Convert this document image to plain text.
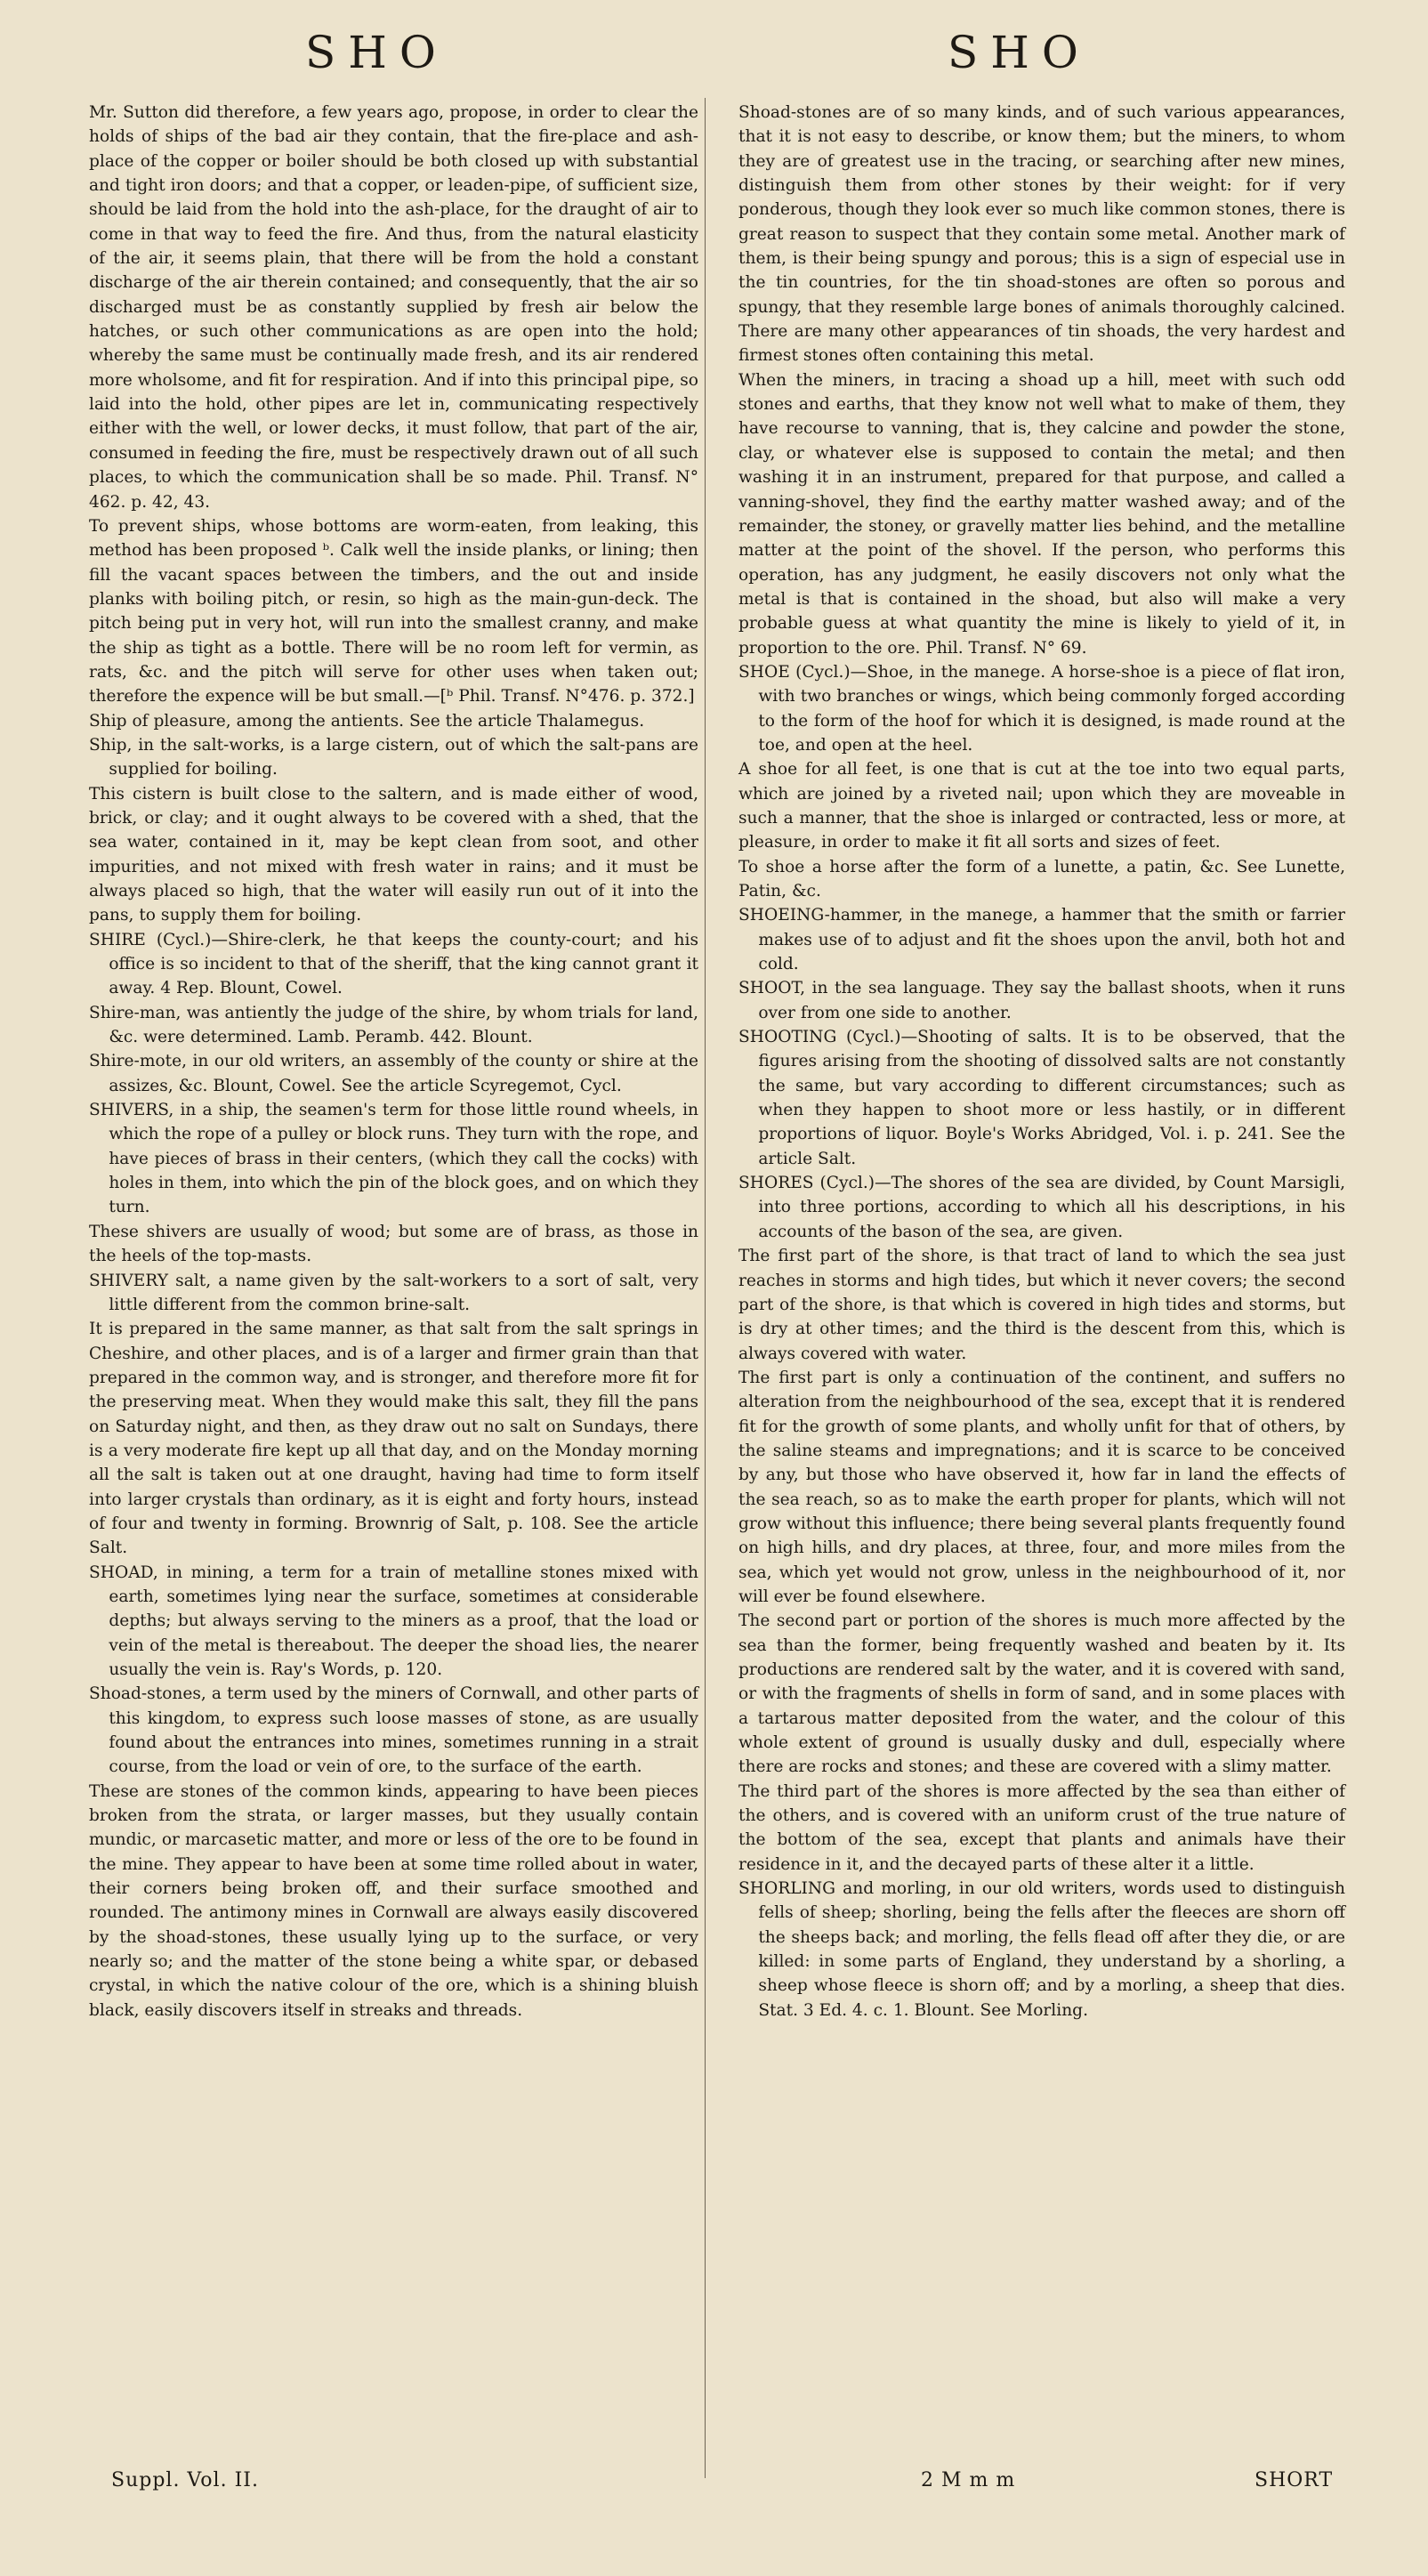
SHO	SHO

Mr. Sutton did therefore, a few years ago, propose, in order to clear the holds of ships of the bad air they contain, that the fire-place and ash-place of the copper or boiler should be both closed up with substantial and tight iron doors; and that a copper, or leaden-pipe, of sufficient size, should be laid from the hold into the ash-place, for the draught of air to come in that way to feed the fire. And thus, from the natural elasticity of the air, it seems plain, that there will be from the hold a constant discharge of the air therein contained; and consequently, that the air so discharged must be as constantly supplied by fresh air below the hatches, or such other communications as are open into the hold; whereby the same must be continually made fresh, and its air rendered more wholsome, and fit for respiration. And if into this principal pipe, so laid into the hold, other pipes are let in, communicating respectively either with the well, or lower decks, it must follow, that part of the air, consumed in feeding the fire, must be respectively drawn out of all such places, to which the communication shall be so made. Phil. Transf. N° 462. p. 42, 43.

To prevent ships, whose bottoms are worm-eaten, from leaking, this method has been proposed ᵇ. Calk well the inside planks, or lining; then fill the vacant spaces between the timbers, and the out and inside planks with boiling pitch, or resin, so high as the main-gun-deck. The pitch being put in very hot, will run into the smallest cranny, and make the ship as tight as a bottle. There will be no room left for vermin, as rats, &c. and the pitch will serve for other uses when taken out; therefore the expence will be but small.—[ᵇ Phil. Transf. N°476. p. 372.]

Ship of pleasure, among the antients. See the article Thalamegus.

Ship, in the salt-works, is a large cistern, out of which the salt-pans are supplied for boiling.

This cistern is built close to the saltern, and is made either of wood, brick, or clay; and it ought always to be covered with a shed, that the sea water, contained in it, may be kept clean from soot, and other impurities, and not mixed with fresh water in rains; and it must be always placed so high, that the water will easily run out of it into the pans, to supply them for boiling.

SHIRE (Cycl.)—Shire-clerk, he that keeps the county-court; and his office is so incident to that of the sheriff, that the king cannot grant it away. 4 Rep. Blount, Cowel.

Shire-man, was antiently the judge of the shire, by whom trials for land, &c. were determined. Lamb. Peramb. 442. Blount.

Shire-mote, in our old writers, an assembly of the county or shire at the assizes, &c. Blount, Cowel. See the article Scyregemot, Cycl.

SHIVERS, in a ship, the seamen's term for those little round wheels, in which the rope of a pulley or block runs. They turn with the rope, and have pieces of brass in their centers, (which they call the cocks) with holes in them, into which the pin of the block goes, and on which they turn.

These shivers are usually of wood; but some are of brass, as those in the heels of the top-masts.

SHIVERY salt, a name given by the salt-workers to a sort of salt, very little different from the common brine-salt.

It is prepared in the same manner, as that salt from the salt springs in Cheshire, and other places, and is of a larger and firmer grain than that prepared in the common way, and is stronger, and therefore more fit for the preserving meat. When they would make this salt, they fill the pans on Saturday night, and then, as they draw out no salt on Sundays, there is a very moderate fire kept up all that day, and on the Monday morning all the salt is taken out at one draught, having had time to form itself into larger crystals than ordinary, as it is eight and forty hours, instead of four and twenty in forming. Brownrig of Salt, p. 108. See the article Salt.

SHOAD, in mining, a term for a train of metalline stones mixed with earth, sometimes lying near the surface, sometimes at considerable depths; but always serving to the miners as a proof, that the load or vein of the metal is thereabout. The deeper the shoad lies, the nearer usually the vein is. Ray's Words, p. 120.

Shoad-stones, a term used by the miners of Cornwall, and other parts of this kingdom, to express such loose masses of stone, as are usually found about the entrances into mines, sometimes running in a strait course, from the load or vein of ore, to the surface of the earth.

These are stones of the common kinds, appearing to have been pieces broken from the strata, or larger masses, but they usually contain mundic, or marcasetic matter, and more or less of the ore to be found in the mine. They appear to have been at some time rolled about in water, their corners being broken off, and their surface smoothed and rounded. The antimony mines in Cornwall are always easily discovered by the shoad-stones, these usually lying up to the surface, or very nearly so; and the matter of the stone being a white spar, or debased crystal, in which the native colour of the ore, which is a shining bluish black, easily discovers itself in streaks and threads.

Shoad-stones are of so many kinds, and of such various appearances, that it is not easy to describe, or know them; but the miners, to whom they are of greatest use in the tracing, or searching after new mines, distinguish them from other stones by their weight: for if very ponderous, though they look ever so much like common stones, there is great reason to suspect that they contain some metal. Another mark of them, is their being spungy and porous; this is a sign of especial use in the tin countries, for the tin shoad-stones are often so porous and spungy, that they resemble large bones of animals thoroughly calcined. There are many other appearances of tin shoads, the very hardest and firmest stones often containing this metal.

When the miners, in tracing a shoad up a hill, meet with such odd stones and earths, that they know not well what to make of them, they have recourse to vanning, that is, they calcine and powder the stone, clay, or whatever else is supposed to contain the metal; and then washing it in an instrument, prepared for that purpose, and called a vanning-shovel, they find the earthy matter washed away; and of the remainder, the stoney, or gravelly matter lies behind, and the metalline matter at the point of the shovel. If the person, who performs this operation, has any judgment, he easily discovers not only what the metal is that is contained in the shoad, but also will make a very probable guess at what quantity the mine is likely to yield of it, in proportion to the ore. Phil. Transf. N° 69.

SHOE (Cycl.)—Shoe, in the manege. A horse-shoe is a piece of flat iron, with two branches or wings, which being commonly forged according to the form of the hoof for which it is designed, is made round at the toe, and open at the heel.

A shoe for all feet, is one that is cut at the toe into two equal parts, which are joined by a riveted nail; upon which they are moveable in such a manner, that the shoe is inlarged or contracted, less or more, at pleasure, in order to make it fit all sorts and sizes of feet.

To shoe a horse after the form of a lunette, a patin, &c. See Lunette, Patin, &c.

SHOEING-hammer, in the manege, a hammer that the smith or farrier makes use of to adjust and fit the shoes upon the anvil, both hot and cold.

SHOOT, in the sea language. They say the ballast shoots, when it runs over from one side to another.

SHOOTING (Cycl.)—Shooting of salts. It is to be observed, that the figures arising from the shooting of dissolved salts are not constantly the same, but vary according to different circumstances; such as when they happen to shoot more or less hastily, or in different proportions of liquor. Boyle's Works Abridged, Vol. i. p. 241. See the article Salt.

SHORES (Cycl.)—The shores of the sea are divided, by Count Marsigli, into three portions, according to which all his descriptions, in his accounts of the bason of the sea, are given.

The first part of the shore, is that tract of land to which the sea just reaches in storms and high tides, but which it never covers; the second part of the shore, is that which is covered in high tides and storms, but is dry at other times; and the third is the descent from this, which is always covered with water.

The first part is only a continuation of the continent, and suffers no alteration from the neighbourhood of the sea, except that it is rendered fit for the growth of some plants, and wholly unfit for that of others, by the saline steams and impregnations; and it is scarce to be conceived by any, but those who have observed it, how far in land the effects of the sea reach, so as to make the earth proper for plants, which will not grow without this influence; there being several plants frequently found on high hills, and dry places, at three, four, and more miles from the sea, which yet would not grow, unless in the neighbourhood of it, nor will ever be found elsewhere.

The second part or portion of the shores is much more affected by the sea than the former, being frequently washed and beaten by it. Its productions are rendered salt by the water, and it is covered with sand, or with the fragments of shells in form of sand, and in some places with a tartarous matter deposited from the water, and the colour of this whole extent of ground is usually dusky and dull, especially where there are rocks and stones; and these are covered with a slimy matter.

The third part of the shores is more affected by the sea than either of the others, and is covered with an uniform crust of the true nature of the bottom of the sea, except that plants and animals have their residence in it, and the decayed parts of these alter it a little.

SHORLING and morling, in our old writers, words used to distinguish fells of sheep; shorling, being the fells after the fleeces are shorn off the sheeps back; and morling, the fells flead off after they die, or are killed: in some parts of England, they understand by a shorling, a sheep whose fleece is shorn off; and by a morling, a sheep that dies. Stat. 3 Ed. 4. c. 1. Blount. See Morling.

Suppl. Vol. II.	2 M m m	SHORT
